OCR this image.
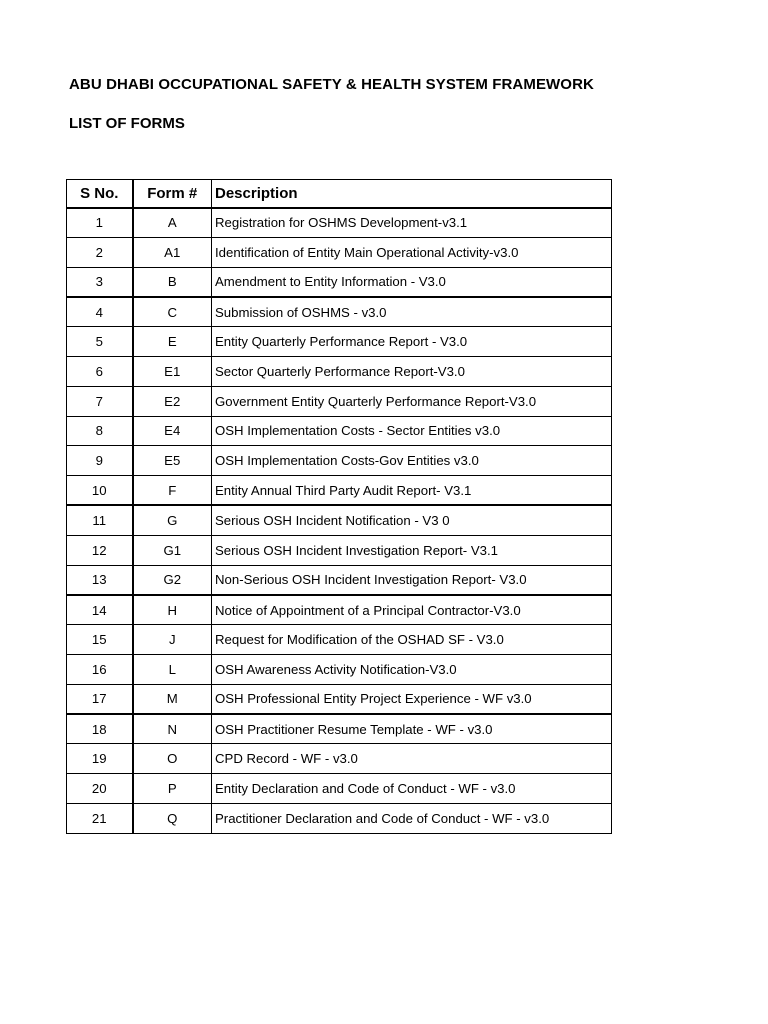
ABU DHABI OCCUPATIONAL SAFETY & HEALTH SYSTEM FRAMEWORK
LIST OF FORMS
S No.	Form #	Description
1	A	Registration for OSHMS Development-v3.1
2	A1	Identification of Entity Main Operational Activity-v3.0
3	B	Amendment to Entity Information - V3.0
4	C	Submission of OSHMS - v3.0
5	E	Entity Quarterly Performance Report - V3.0
6	E1	Sector Quarterly Performance Report-V3.0
7	E2	Government Entity Quarterly Performance Report-V3.0
8	E4	OSH Implementation Costs - Sector Entities v3.0
9	E5	OSH Implementation Costs-Gov Entities v3.0
10	F	Entity Annual Third Party Audit Report- V3.1
11	G	Serious OSH Incident Notification - V3 0
12	G1	Serious OSH Incident Investigation Report- V3.1
13	G2	Non-Serious OSH Incident Investigation Report- V3.0
14	H	Notice of Appointment of a Principal Contractor-V3.0
15	J	Request for Modification of the OSHAD SF - V3.0
16	L	OSH Awareness Activity Notification-V3.0
17	M	OSH Professional Entity Project Experience - WF v3.0
18	N	OSH Practitioner Resume Template - WF - v3.0
19	O	CPD Record - WF - v3.0
20	P	Entity Declaration and Code of Conduct - WF - v3.0
21	Q	Practitioner Declaration and Code of Conduct - WF - v3.0
